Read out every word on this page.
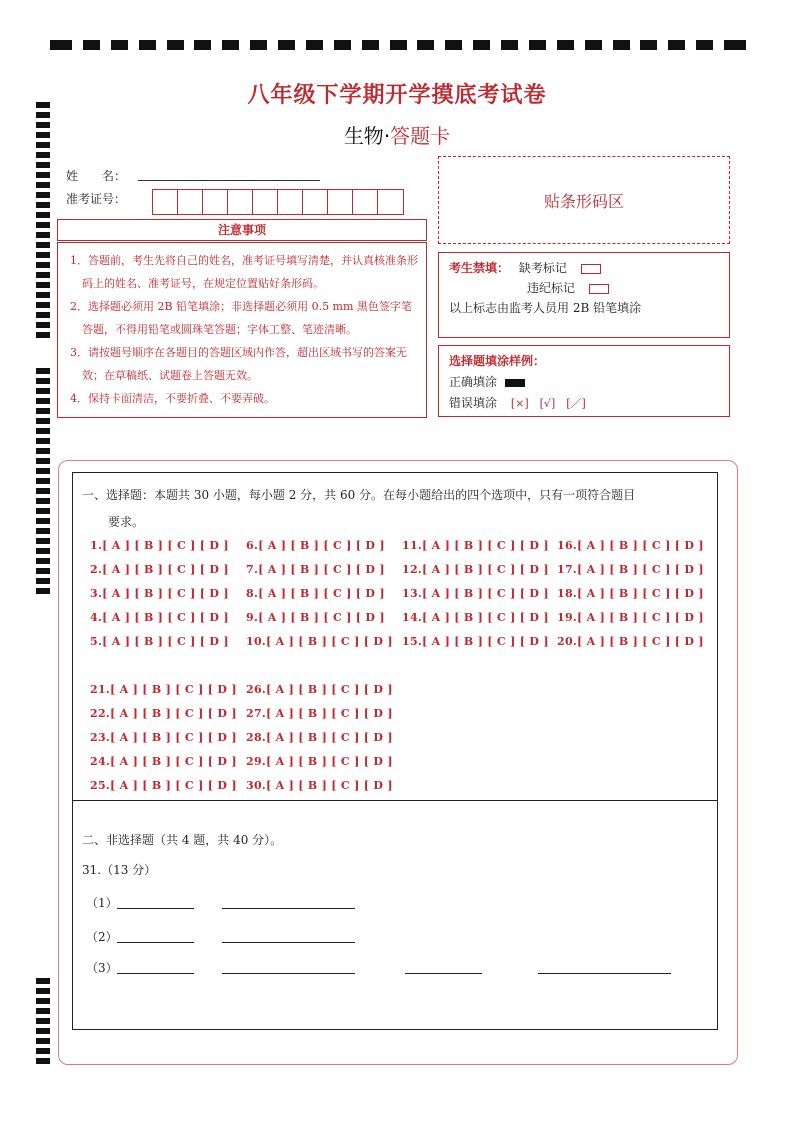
八年级下学期开学摸底考试卷
生物·答题卡
姓　　名：
准考证号：	贴条形码区
注意事项

1．答题前，考生先将自己的姓名，准考证号填写清楚，并认真核准条形码上的姓名、准考证号，在规定位置贴好条形码。

2．选择题必须用 2B 铅笔填涂；非选择题必须用 0.5 mm 黑色签字笔答题，不得用铅笔或圆珠笔答题；字体工整、笔迹清晰。

3．请按题号顺序在各题目的答题区域内作答，超出区域书写的答案无效；在草稿纸、试题卷上答题无效。

4．保持卡面清洁，不要折叠、不要弄破。

考生禁填： 缺考标记
违纪标记
以上标志由监考人员用 2B 铅笔填涂
选择题填涂样例：
正确填涂
错误填涂 [×]　[√]　[／]
一、选择题：本题共 30 小题，每小题 2 分，共 60 分。在每小题给出的四个选项中，只有一项符合题目
要求。
1.[ A ] [ B ] [ C ] [ D ]
2.[ A ] [ B ] [ C ] [ D ]
3.[ A ] [ B ] [ C ] [ D ]
4.[ A ] [ B ] [ C ] [ D ]
5.[ A ] [ B ] [ C ] [ D ]
6.[ A ] [ B ] [ C ] [ D ]
7.[ A ] [ B ] [ C ] [ D ]
8.[ A ] [ B ] [ C ] [ D ]
9.[ A ] [ B ] [ C ] [ D ]
10.[ A ] [ B ] [ C ] [ D ]
11.[ A ] [ B ] [ C ] [ D ]
12.[ A ] [ B ] [ C ] [ D ]
13.[ A ] [ B ] [ C ] [ D ]
14.[ A ] [ B ] [ C ] [ D ]
15.[ A ] [ B ] [ C ] [ D ]
16.[ A ] [ B ] [ C ] [ D ]
17.[ A ] [ B ] [ C ] [ D ]
18.[ A ] [ B ] [ C ] [ D ]
19.[ A ] [ B ] [ C ] [ D ]
20.[ A ] [ B ] [ C ] [ D ]
21.[ A ] [ B ] [ C ] [ D ]
22.[ A ] [ B ] [ C ] [ D ]
23.[ A ] [ B ] [ C ] [ D ]
24.[ A ] [ B ] [ C ] [ D ]
25.[ A ] [ B ] [ C ] [ D ]
26.[ A ] [ B ] [ C ] [ D ]
27.[ A ] [ B ] [ C ] [ D ]
28.[ A ] [ B ] [ C ] [ D ]
29.[ A ] [ B ] [ C ] [ D ]
30.[ A ] [ B ] [ C ] [ D ]
二、非选择题（共 4 题，共 40 分）。
31.（13 分）
（1）
（2）
（3）
